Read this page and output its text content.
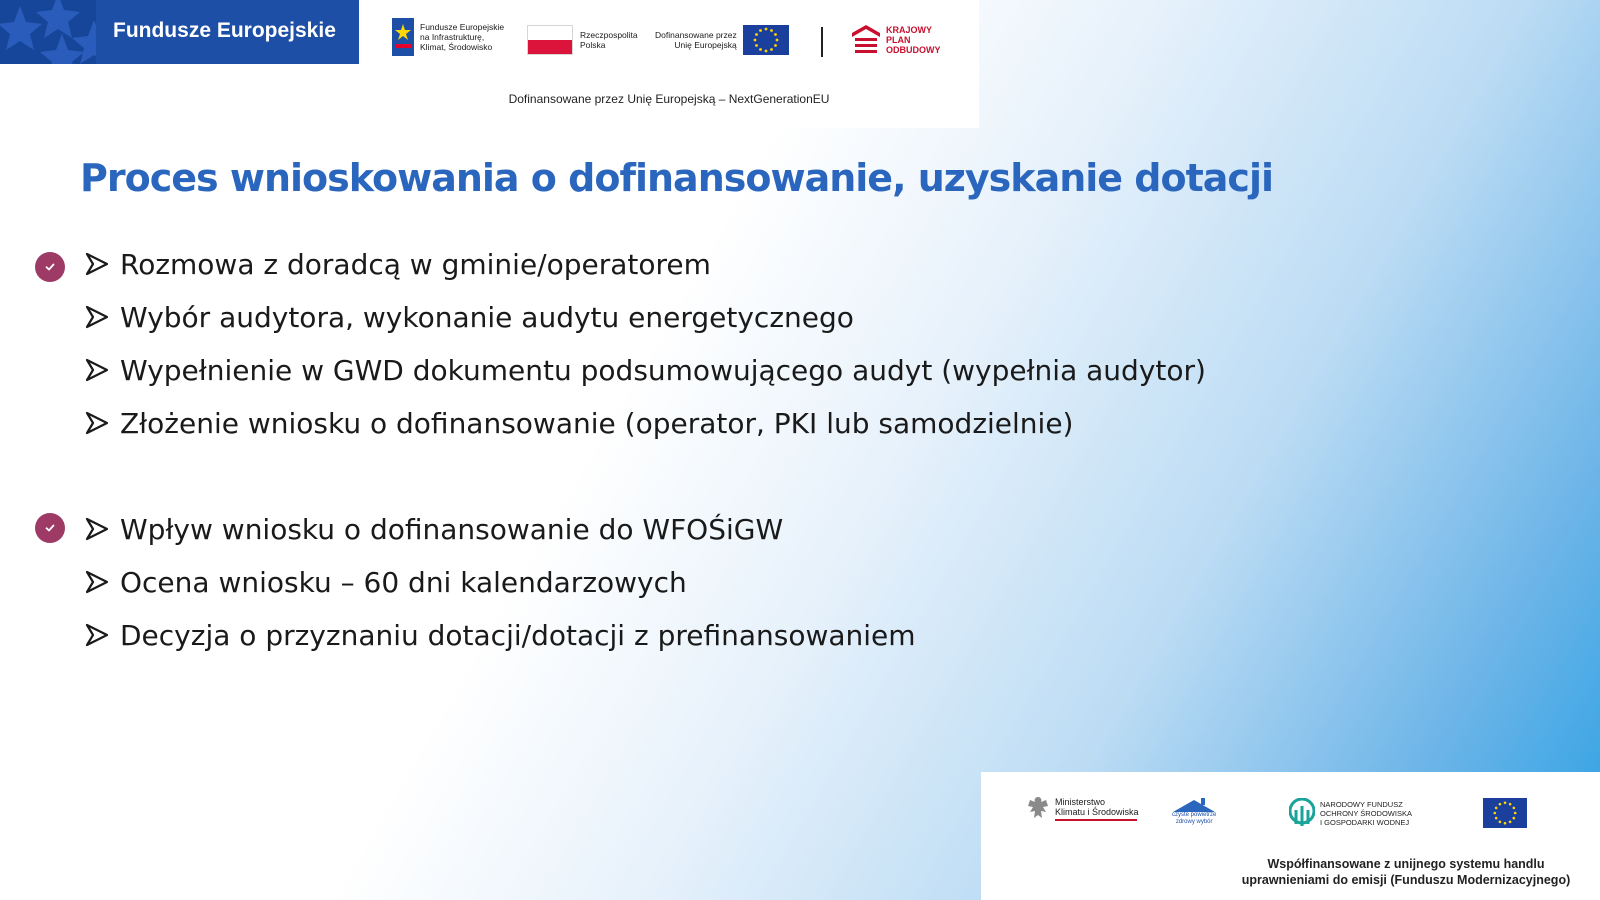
Fundusze Europejskie	Fundusze Europejskie
na Infrastrukturę,
Klimat, Środowisko
Rzeczpospolita
Polska
Dofinansowane przez
Unię Europejską
KRAJOWY
PLAN
ODBUDOWY
Dofinansowane przez Unię Europejską – NextGenerationEU
Proces wnioskowania o dofinansowanie, uzyskanie dotacji
Rozmowa z doradcą w gminie/operatorem
Wybór audytora, wykonanie audytu energetycznego
Wypełnienie w GWD dokumentu podsumowującego audyt (wypełnia audytor)
Złożenie wniosku o dofinansowanie (operator, PKI lub samodzielnie)
Wpływ wniosku o dofinansowanie do WFOŚiGW
Ocena wniosku – 60 dni kalendarzowych
Decyzja o przyznaniu dotacji/dotacji z prefinansowaniem
Ministerstwo
Klimatu i Środowiska	czyste powietrze
zdrowy wybór
NARODOWY FUNDUSZ
OCHRONY ŚRODOWISKA
I GOSPODARKI WODNEJ
Współfinansowane z unijnego systemu handlu
uprawnieniami do emisji (Funduszu Modernizacyjnego)
